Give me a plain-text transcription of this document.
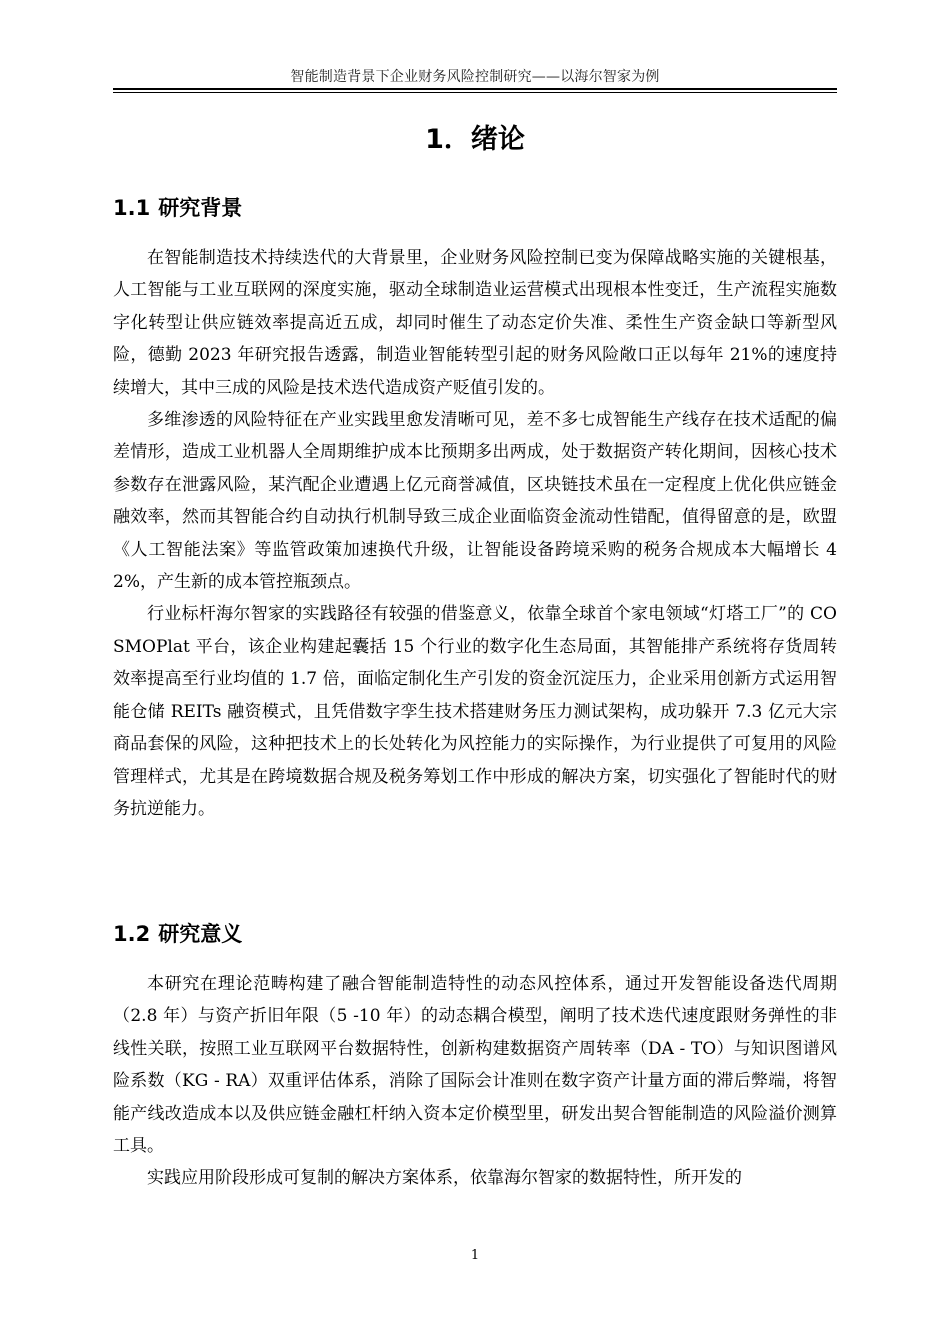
智能制造背景下企业财务风险控制研究——以海尔智家为例
1．绪论
1.1 研究背景

在智能制造技术持续迭代的大背景里，企业财务风险控制已变为保障战略实施的关键根基，人工智能与工业互联网的深度实施，驱动全球制造业运营模式出现根本性变迁，生产流程实施数字化转型让供应链效率提高近五成，却同时催生了动态定价失准、柔性生产资金缺口等新型风险，德勤 2023 年研究报告透露，制造业智能转型引起的财务风险敞口正以每年 21%的速度持续增大，其中三成的风险是技术迭代造成资产贬值引发的。

多维渗透的风险特征在产业实践里愈发清晰可见，差不多七成智能生产线存在技术适配的偏差情形，造成工业机器人全周期维护成本比预期多出两成，处于数据资产转化期间，因核心技术参数存在泄露风险，某汽配企业遭遇上亿元商誉减值，区块链技术虽在一定程度上优化供应链金融效率，然而其智能合约自动执行机制导致三成企业面临资金流动性错配，值得留意的是，欧盟《人工智能法案》等监管政策加速换代升级，让智能设备跨境采购的税务合规成本大幅增长 42%，产生新的成本管控瓶颈点。

行业标杆海尔智家的实践路径有较强的借鉴意义，依靠全球首个家电领域“灯塔工厂”的 COSMOPlat 平台，该企业构建起囊括 15 个行业的数字化生态局面，其智能排产系统将存货周转效率提高至行业均值的 1.7 倍，面临定制化生产引发的资金沉淀压力，企业采用创新方式运用智能仓储 REITs 融资模式，且凭借数字孪生技术搭建财务压力测试架构，成功躲开 7.3 亿元大宗商品套保的风险，这种把技术上的长处转化为风控能力的实际操作，为行业提供了可复用的风险管理样式，尤其是在跨境数据合规及税务筹划工作中形成的解决方案，切实强化了智能时代的财务抗逆能力。

1.2 研究意义

本研究在理论范畴构建了融合智能制造特性的动态风控体系，通过开发智能设备迭代周期（2.8 年）与资产折旧年限（5 -10 年）的动态耦合模型，阐明了技术迭代速度跟财务弹性的非线性关联，按照工业互联网平台数据特性，创新构建数据资产周转率（DA - TO）与知识图谱风险系数（KG - RA）双重评估体系，消除了国际会计准则在数字资产计量方面的滞后弊端，将智能产线改造成本以及供应链金融杠杆纳入资本定价模型里，研发出契合智能制造的风险溢价测算工具。

实践应用阶段形成可复制的解决方案体系，依靠海尔智家的数据特性，所开发的

1
